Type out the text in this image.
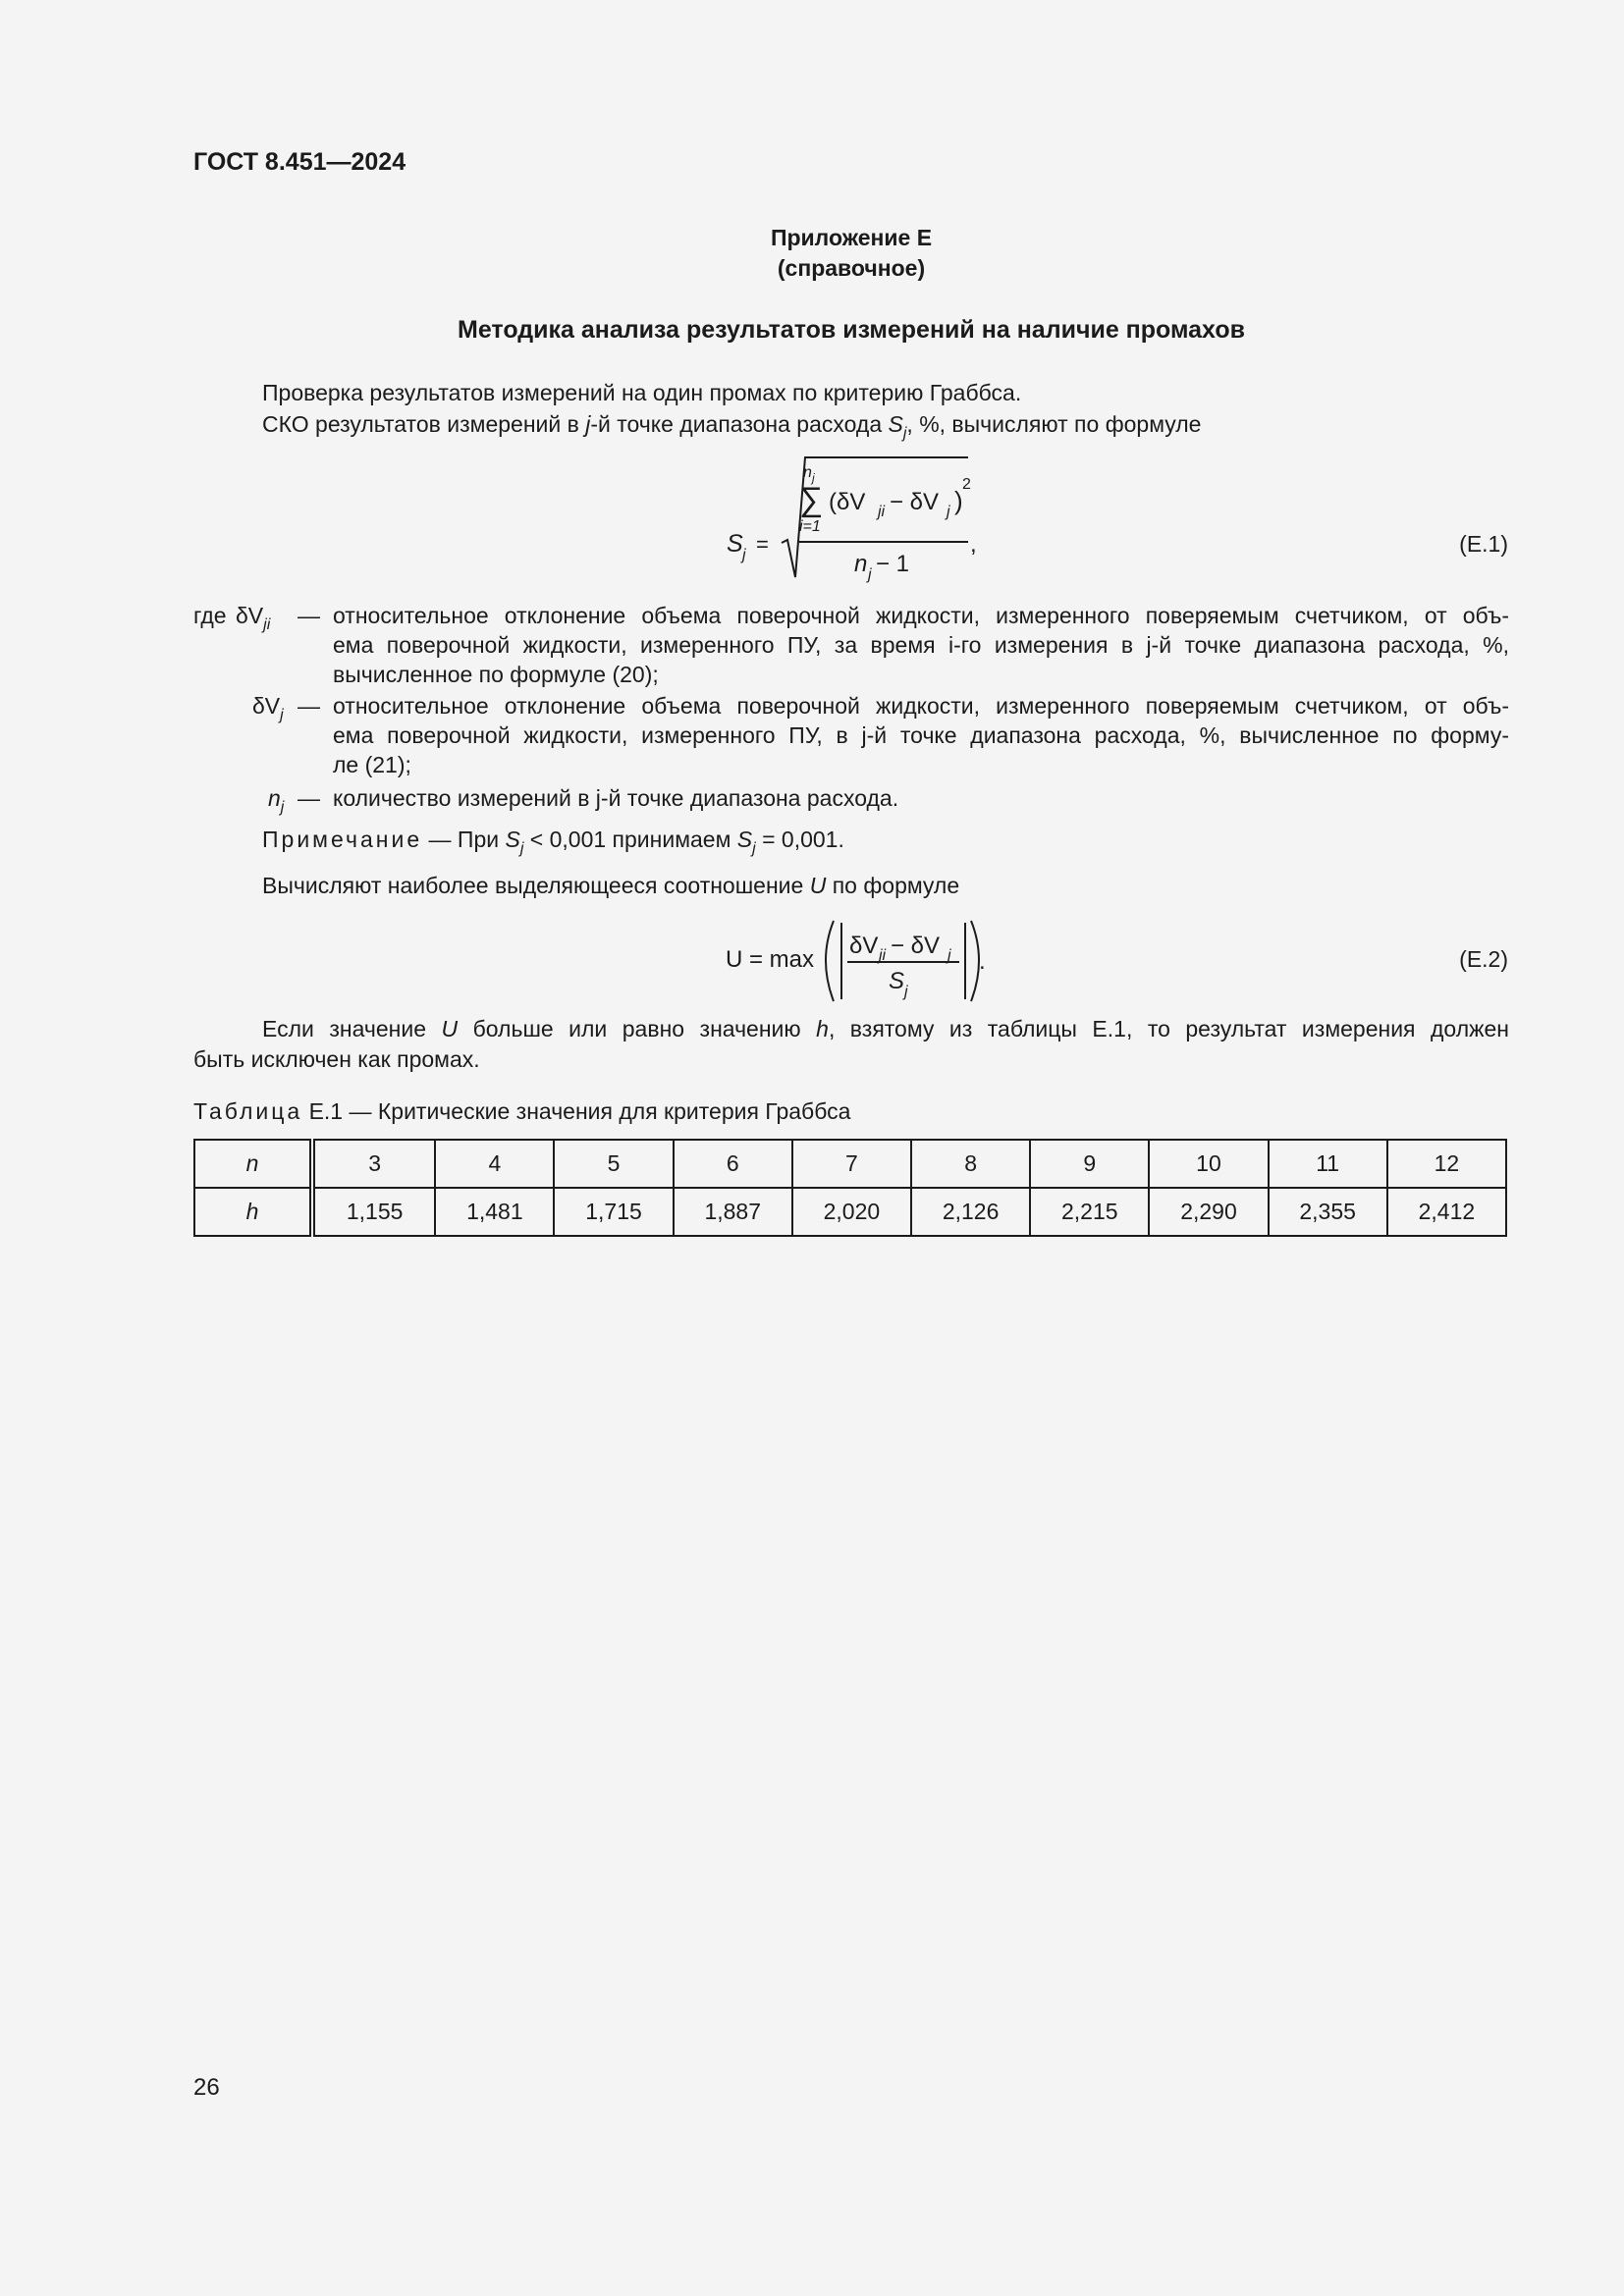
ГОСТ 8.451—2024
Приложение Е
(справочное)
Методика анализа результатов измерений на наличие промахов
Проверка результатов измерений на один промах по критерию Граббса.
СКО результатов измерений в j-й точке диапазона расхода $S_j$, %, вычисляют по формуле
S j =
n j
∑
i=1
(δV ji − δV j )
2
n j − 1
,	(Е.1)
где $\delta V_{ji}$ — относительное отклонение объема поверочной жидкости, измеренного поверяемым счетчиком, от объ-
ема поверочной жидкости, измеренного ПУ, за время i-го измерения в j-й точке диапазона расхода, %,
вычисленное по формуле (20);
$\delta V_j$ — относительное отклонение объема поверочной жидкости, измеренного поверяемым счетчиком, от объ-
ема поверочной жидкости, измеренного ПУ, в j-й точке диапазона расхода, %, вычисленное по форму-
ле (21);
$n_j$ — количество измерений в j-й точке диапазона расхода.
Примечание — При $S_j < 0,001$ принимаем $S_j = 0,001$.
Вычисляют наиболее выделяющееся соотношение U по формуле
U = max
δV ji − δV j
S j
.	(Е.2)
Если значение U больше или равно значению h, взятому из таблицы Е.1, то результат измерения должен
быть исключен как промах.
Таблица Е.1 — Критические значения для критерия Граббса
n	3	4	5	6	7	8	9	10	11	12
h	1,155	1,481	1,715	1,887	2,020	2,126	2,215	2,290	2,355	2,412
26
